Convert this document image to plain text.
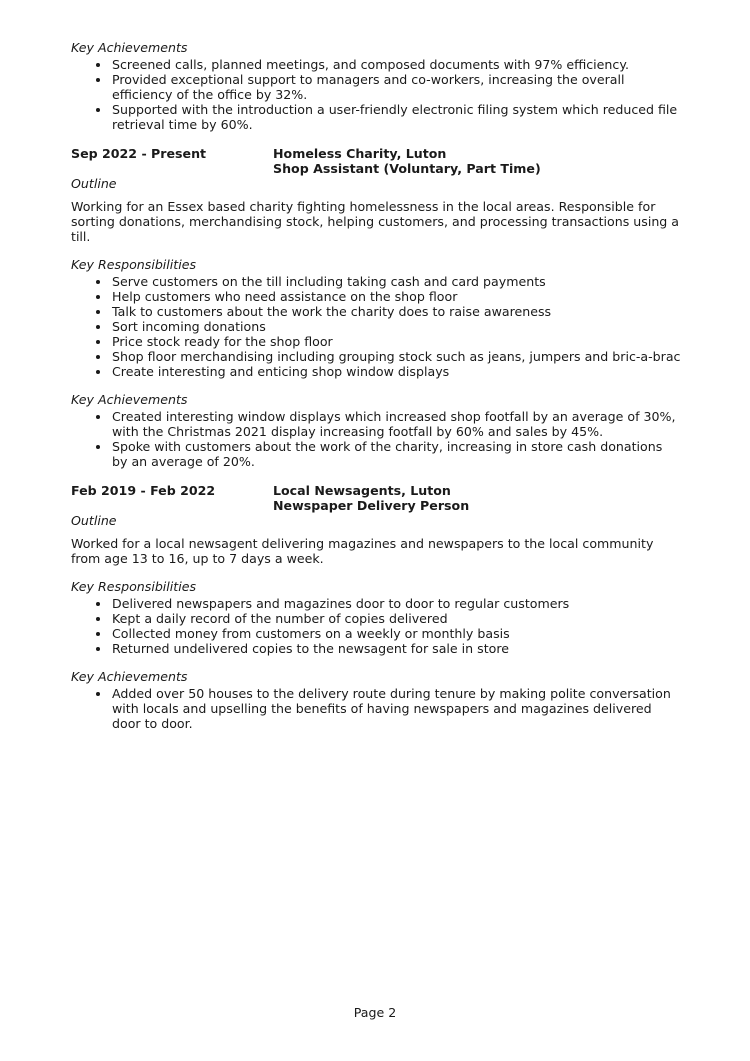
Key Achievements

• Screened calls, planned meetings, and composed documents with 97% efficiency.
• Provided exceptional support to managers and co-workers, increasing the overall efficiency of the office by 32%.
• Supported with the introduction a user-friendly electronic filing system which reduced file retrieval time by 60%.
Sep 2022 - Present	Homeless Charity, Luton
Shop Assistant (Voluntary, Part Time)

Outline

Working for an Essex based charity fighting homelessness in the local areas. Responsible for sorting donations, merchandising stock, helping customers, and processing transactions using a till.

Key Responsibilities

• Serve customers on the till including taking cash and card payments
• Help customers who need assistance on the shop floor
• Talk to customers about the work the charity does to raise awareness
• Sort incoming donations
• Price stock ready for the shop floor
• Shop floor merchandising including grouping stock such as jeans, jumpers and bric-a-brac
• Create interesting and enticing shop window displays

Key Achievements

• Created interesting window displays which increased shop footfall by an average of 30%, with the Christmas 2021 display increasing footfall by 60% and sales by 45%.
• Spoke with customers about the work of the charity, increasing in store cash donations by an average of 20%.
Feb 2019 - Feb 2022	Local Newsagents, Luton
Newspaper Delivery Person

Outline

Worked for a local newsagent delivering magazines and newspapers to the local community from age 13 to 16, up to 7 days a week.

Key Responsibilities

• Delivered newspapers and magazines door to door to regular customers
• Kept a daily record of the number of copies delivered
• Collected money from customers on a weekly or monthly basis
• Returned undelivered copies to the newsagent for sale in store

Key Achievements

• Added over 50 houses to the delivery route during tenure by making polite conversation with locals and upselling the benefits of having newspapers and magazines delivered door to door.
Page 2
